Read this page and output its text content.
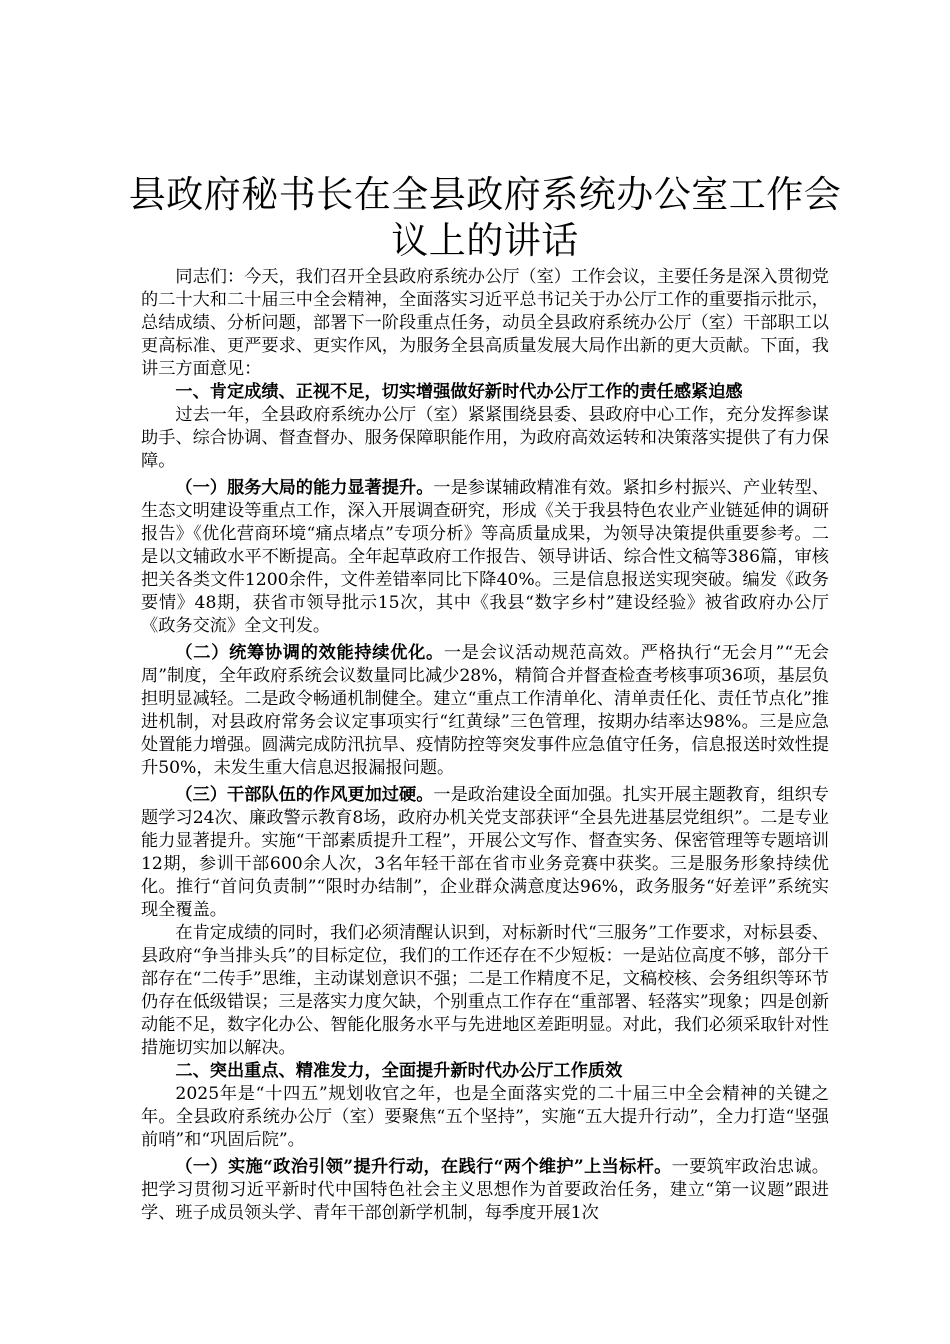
县政府秘书长在全县政府系统办公室工作会议上的讲话

同志们：今天，我们召开全县政府系统办公厅（室）工作会议，主要任务是深入贯彻党的二十大和二十届三中全会精神，全面落实习近平总书记关于办公厅工作的重要指示批示，总结成绩、分析问题，部署下一阶段重点任务，动员全县政府系统办公厅（室）干部职工以更高标准、更严要求、更实作风，为服务全县高质量发展大局作出新的更大贡献。下面，我讲三方面意见：

一、肯定成绩、正视不足，切实增强做好新时代办公厅工作的责任感紧迫感

过去一年，全县政府系统办公厅（室）紧紧围绕县委、县政府中心工作，充分发挥参谋助手、综合协调、督查督办、服务保障职能作用，为政府高效运转和决策落实提供了有力保障。

（一）服务大局的能力显著提升。一是参谋辅政精准有效。紧扣乡村振兴、产业转型、生态文明建设等重点工作，深入开展调查研究，形成《关于我县特色农业产业链延伸的调研报告》《优化营商环境“痛点堵点”专项分析》等高质量成果，为领导决策提供重要参考。二是以文辅政水平不断提高。全年起草政府工作报告、领导讲话、综合性文稿等386篇，审核把关各类文件1200余件，文件差错率同比下降40%。三是信息报送实现突破。编发《政务要情》48期，获省市领导批示15次，其中《我县“数字乡村”建设经验》被省政府办公厅《政务交流》全文刊发。

（二）统筹协调的效能持续优化。一是会议活动规范高效。严格执行“无会月”“无会周”制度，全年政府系统会议数量同比减少28%，精简合并督查检查考核事项36项，基层负担明显减轻。二是政令畅通机制健全。建立“重点工作清单化、清单责任化、责任节点化”推进机制，对县政府常务会议定事项实行“红黄绿”三色管理，按期办结率达98%。三是应急处置能力增强。圆满完成防汛抗旱、疫情防控等突发事件应急值守任务，信息报送时效性提升50%，未发生重大信息迟报漏报问题。

（三）干部队伍的作风更加过硬。一是政治建设全面加强。扎实开展主题教育，组织专题学习24次、廉政警示教育8场，政府办机关党支部获评“全县先进基层党组织”。二是专业能力显著提升。实施“干部素质提升工程”，开展公文写作、督查实务、保密管理等专题培训12期，参训干部600余人次，3名年轻干部在省市业务竞赛中获奖。三是服务形象持续优化。推行“首问负责制”“限时办结制”，企业群众满意度达96%，政务服务“好差评”系统实现全覆盖。

在肯定成绩的同时，我们必须清醒认识到，对标新时代“三服务”工作要求，对标县委、县政府“争当排头兵”的目标定位，我们的工作还存在不少短板：一是站位高度不够，部分干部存在“二传手”思维，主动谋划意识不强；二是工作精度不足，文稿校核、会务组织等环节仍存在低级错误；三是落实力度欠缺，个别重点工作存在“重部署、轻落实”现象；四是创新动能不足，数字化办公、智能化服务水平与先进地区差距明显。对此，我们必须采取针对性措施切实加以解决。

二、突出重点、精准发力，全面提升新时代办公厅工作质效

2025年是“十四五”规划收官之年，也是全面落实党的二十届三中全会精神的关键之年。全县政府系统办公厅（室）要聚焦“五个坚持”，实施“五大提升行动”，全力打造“坚强前哨”和“巩固后院”。

（一）实施“政治引领”提升行动，在践行“两个维护”上当标杆。一要筑牢政治忠诚。把学习贯彻习近平新时代中国特色社会主义思想作为首要政治任务，建立“第一议题”跟进学、班子成员领头学、青年干部创新学机制，每季度开展1次
